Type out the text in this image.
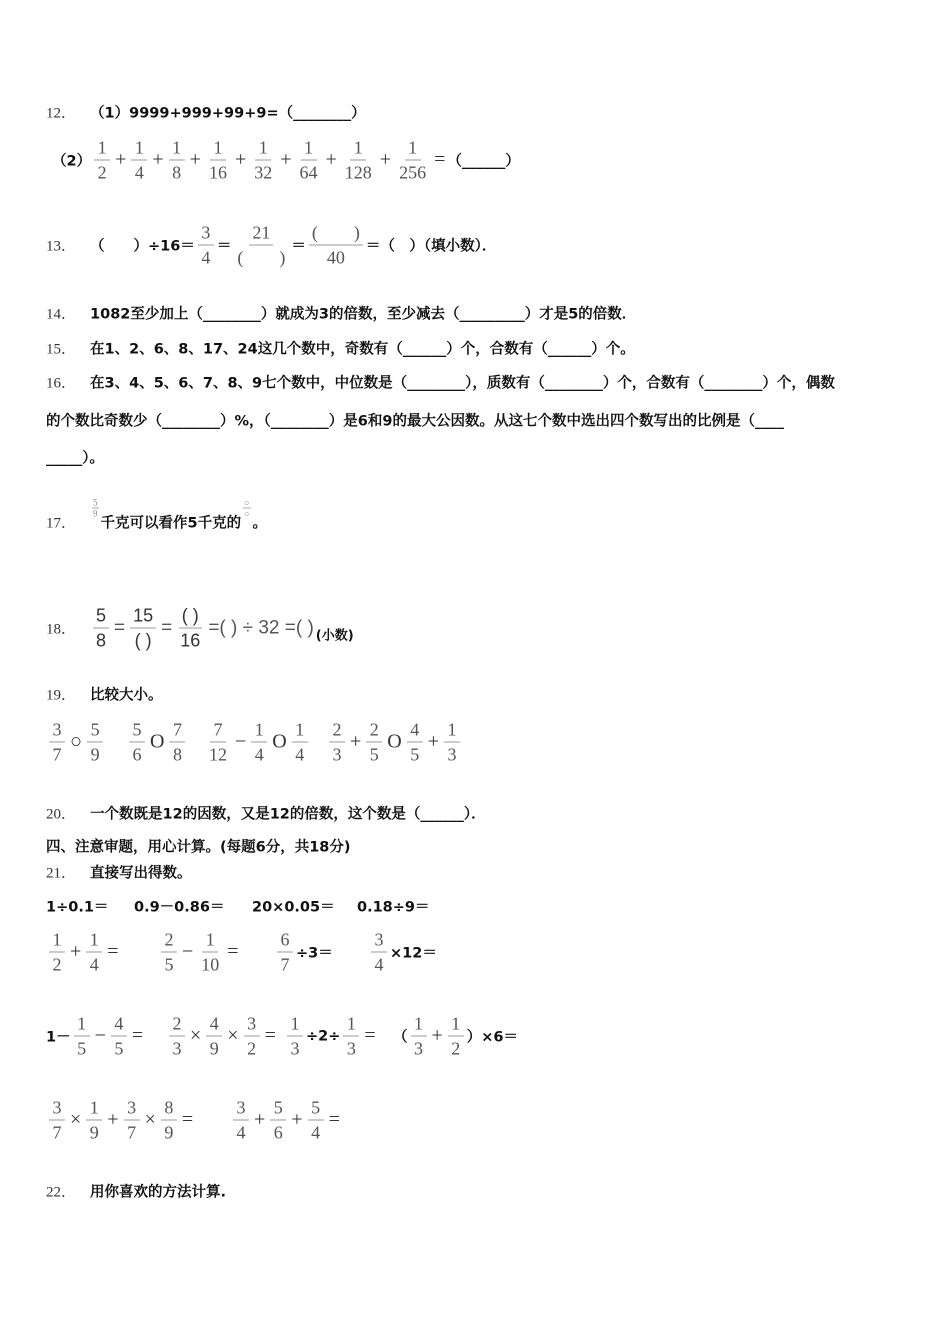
12． （1）9999+999+99+9=（________）
$(2) \frac{1}{2} + \frac{1}{4} + \frac{1}{8} + \frac{1}{16} + \frac{1}{32} + \frac{1}{64} + \frac{1}{128} + \frac{1}{256}$ = （______）
13． （　　）$\div 16= \frac{3}{4}$ ＝
21
(　　)
＝
(　　)
40
＝（　）（填小数）．
14． 1082至少加上（________）就成为3的倍数，至少减去（_________）才是5的倍数．
15． 在1、2、6、8、17、24这几个数中，奇数有（______）个，合数有（______）个。
16． 在3、4、5、6、7、8、9七个数中，中位数是（________），质数有（________）个，合数有（________）个，偶数
的个数比奇数少（________）%，（________）是6和9的最大公因数。从这七个数中选出四个数写出的比例是（____
_____）。
17．
$\frac{5}{9}$
千克可以看作5千克的
○
○
。
18． $\frac{5}{8}$ =
15
( )
=
( )
16
=( ) ÷ 32 =( ) (小数)
19． 比较大小。
$\frac{3}{7}$ ○ $\frac{5}{9} \frac{5}{6}$ O $\frac{7}{8} \frac{7}{12} - \frac{1}{4}$ O $\frac{1}{4} \frac{2}{3} + \frac{2}{5}$ O $\frac{4}{5} + \frac{1}{3}$
20． 一个数既是12的因数，又是12的倍数，这个数是（______）．
四、注意审题，用心计算。(每题6分，共18分)
21． 直接写出得数。
1÷0.1＝ 0.9－0.86＝ 20×0.05＝ 0.18÷9＝
$\frac{1}{2} + \frac{1}{4} = \frac{2}{5} - \frac{1}{10} = \frac{6}{7} \div 3= \frac{3}{4} \times 12=$
$1- \frac{1}{5} - \frac{4}{5} = \frac{2}{3} \times \frac{4}{9} \times \frac{3}{2} = \frac{1}{3} \div 2\div \frac{1}{3}$ = （ $\frac{1}{3} + \frac{1}{2} )\times 6=$
$\frac{3}{7} \times \frac{1}{9} + \frac{3}{7} \times \frac{8}{9} = \frac{3}{4} + \frac{5}{6} + \frac{5}{4}$ =
22． 用你喜欢的方法计算.
